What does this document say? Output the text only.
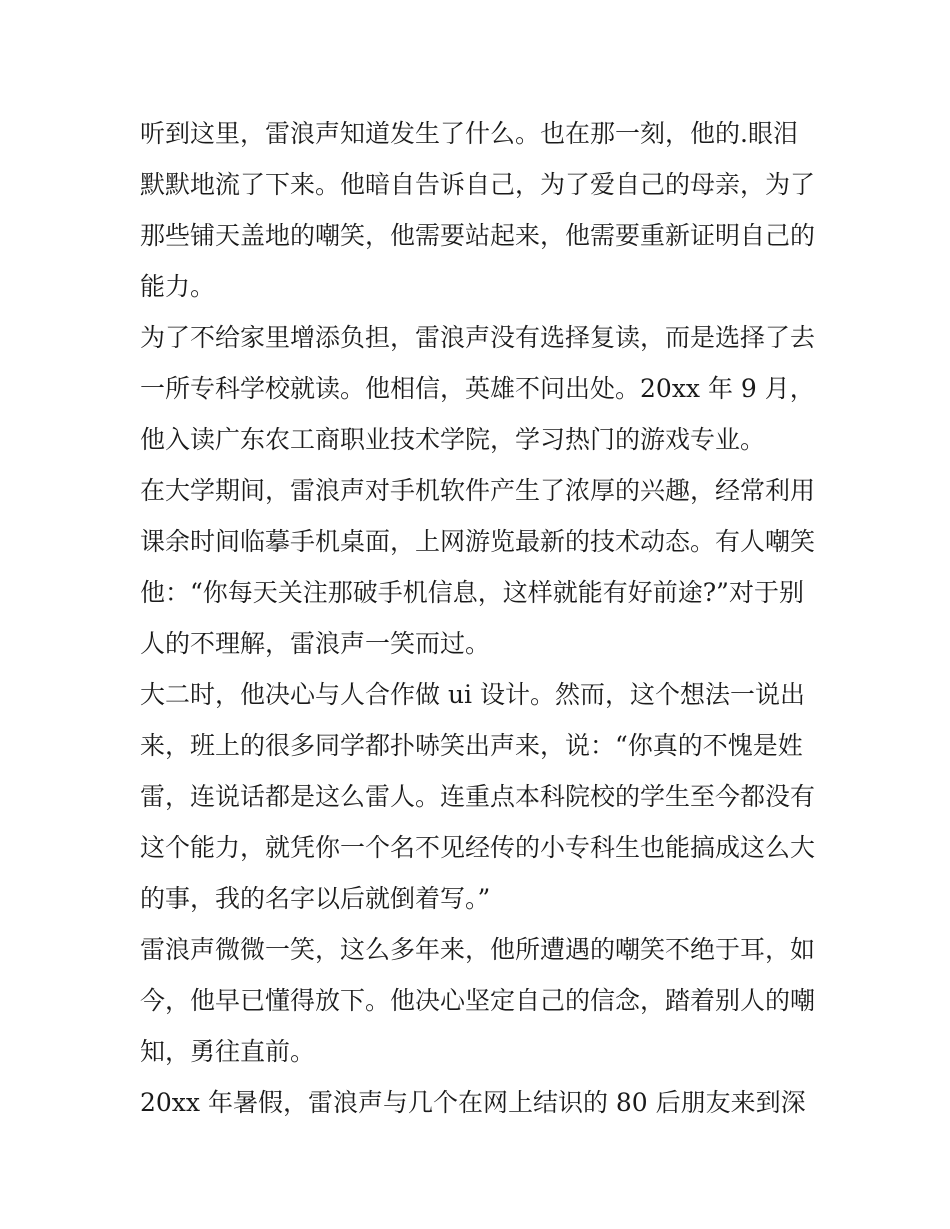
听到这里，雷浪声知道发生了什么。也在那一刻，他的.眼泪
默默地流了下来。他暗自告诉自己，为了爱自己的母亲，为了
那些铺天盖地的嘲笑，他需要站起来，他需要重新证明自己的
能力。
为了不给家里增添负担，雷浪声没有选择复读，而是选择了去
一所专科学校就读。他相信，英雄不问出处。20xx 年 9 月，
他入读广东农工商职业技术学院，学习热门的游戏专业。
在大学期间，雷浪声对手机软件产生了浓厚的兴趣，经常利用
课余时间临摹手机桌面，上网游览最新的技术动态。有人嘲笑
他：“你每天关注那破手机信息，这样就能有好前途?”对于别
人的不理解，雷浪声一笑而过。
大二时，他决心与人合作做 ui 设计。然而，这个想法一说出
来，班上的很多同学都扑哧笑出声来，说：“你真的不愧是姓
雷，连说话都是这么雷人。连重点本科院校的学生至今都没有
这个能力，就凭你一个名不见经传的小专科生也能搞成这么大
的事，我的名字以后就倒着写。”
雷浪声微微一笑，这么多年来，他所遭遇的嘲笑不绝于耳，如
今，他早已懂得放下。他决心坚定自己的信念，踏着别人的嘲
知，勇往直前。
20xx 年暑假，雷浪声与几个在网上结识的 80 后朋友来到深
